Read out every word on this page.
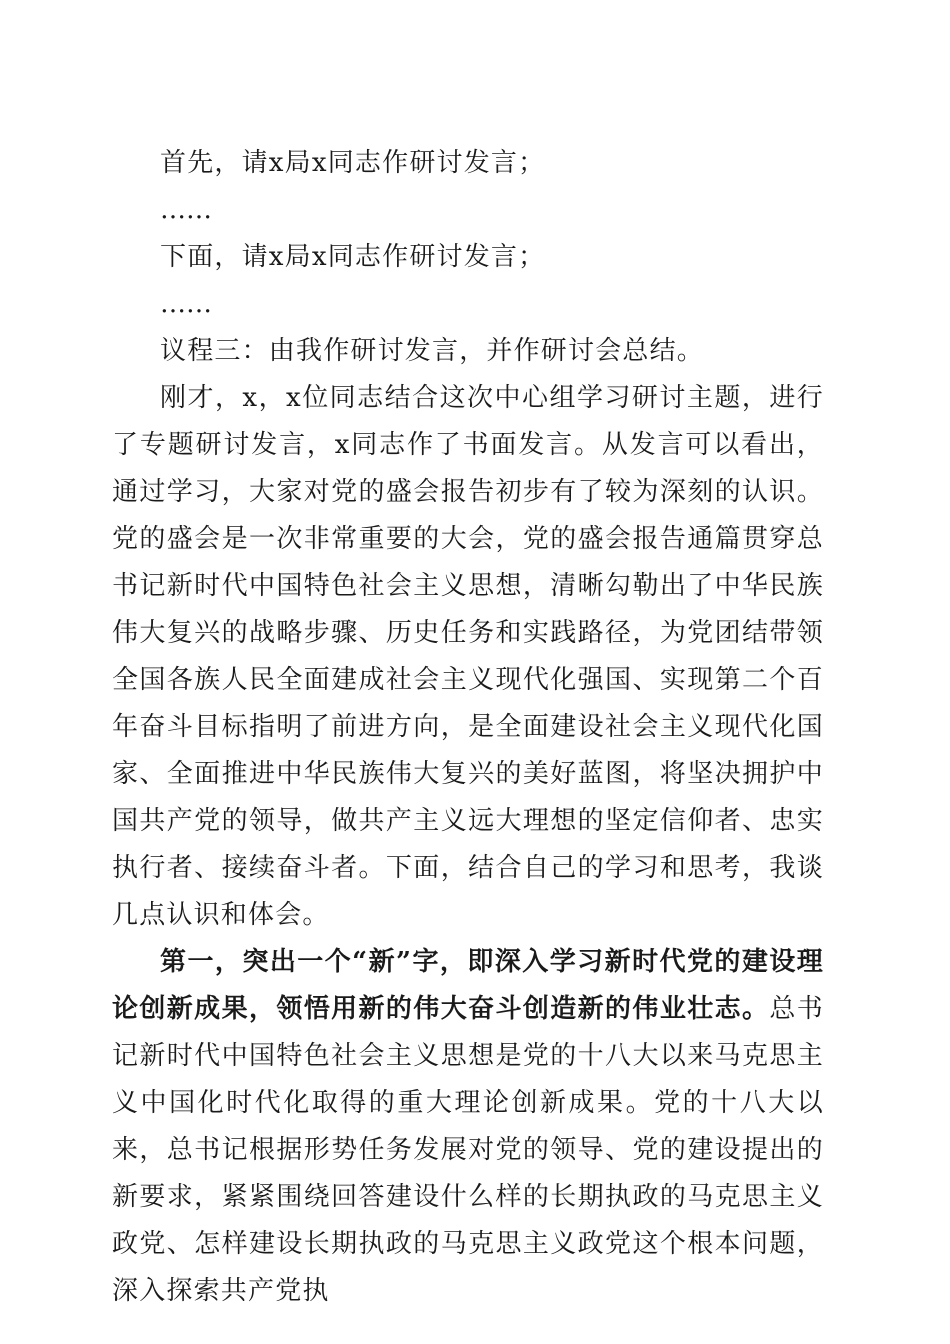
首先，请x局x同志作研讨发言；

……

下面，请x局x同志作研讨发言；

……

议程三：由我作研讨发言，并作研讨会总结。

刚才，x，x位同志结合这次中心组学习研讨主题，进行了专题研讨发言，x同志作了书面发言。从发言可以看出，通过学习，大家对党的盛会报告初步有了较为深刻的认识。党的盛会是一次非常重要的大会，党的盛会报告通篇贯穿总书记新时代中国特色社会主义思想，清晰勾勒出了中华民族伟大复兴的战略步骤、历史任务和实践路径，为党团结带领全国各族人民全面建成社会主义现代化强国、实现第二个百年奋斗目标指明了前进方向，是全面建设社会主义现代化国家、全面推进中华民族伟大复兴的美好蓝图，将坚决拥护中国共产党的领导，做共产主义远大理想的坚定信仰者、忠实执行者、接续奋斗者。下面，结合自己的学习和思考，我谈几点认识和体会。

第一，突出一个“新”字，即深入学习新时代党的建设理论创新成果，领悟用新的伟大奋斗创造新的伟业壮志。总书记新时代中国特色社会主义思想是党的十八大以来马克思主义中国化时代化取得的重大理论创新成果。党的十八大以来，总书记根据形势任务发展对党的领导、党的建设提出的新要求，紧紧围绕回答建设什么样的长期执政的马克思主义政党、怎样建设长期执政的马克思主义政党这个根本问题，深入探索共产党执
